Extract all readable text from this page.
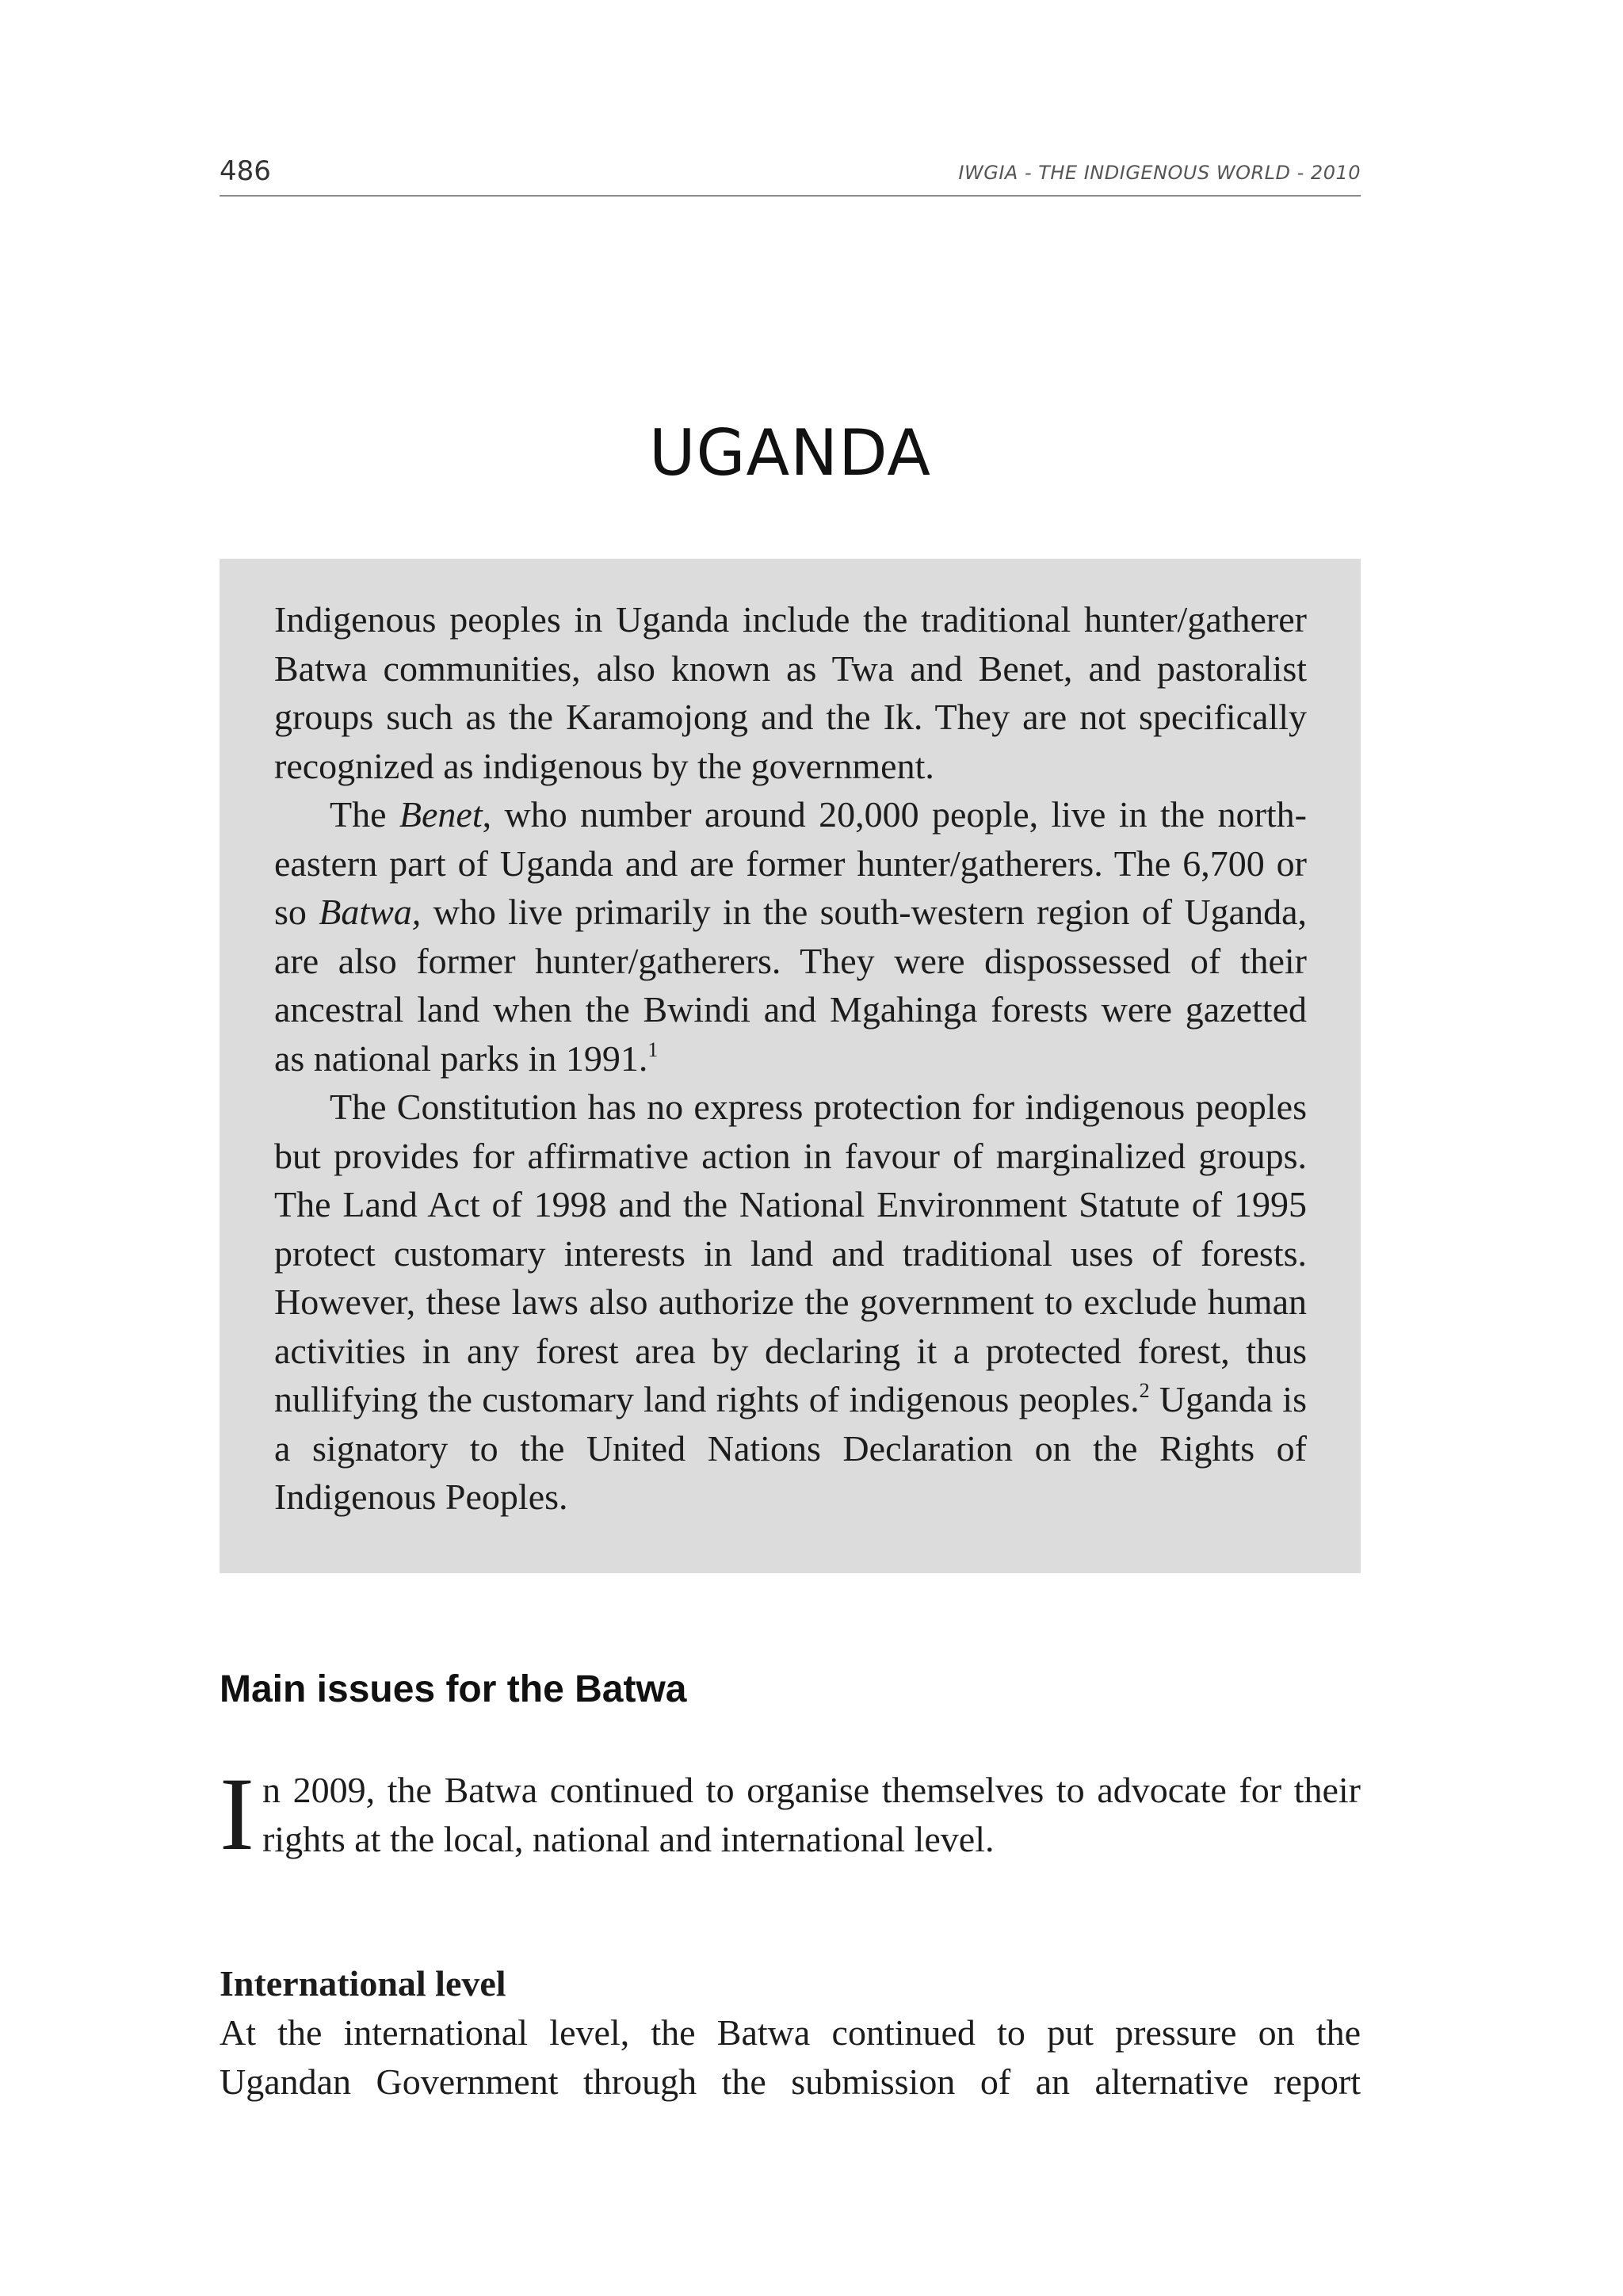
486	IWGIA - THE INDIGENOUS WORLD - 2010
UGANDA

Indigenous peoples in Uganda include the traditional hunter/gatherer Batwa communities, also known as Twa and Benet, and pastoralist groups such as the Karamojong and the Ik. They are not specifically recognized as indigenous by the government.

The Benet, who number around 20,000 people, live in the north-eastern part of Uganda and are former hunter/gatherers. The 6,700 or so Batwa, who live primarily in the south-western region of Uganda, are also former hunter/gatherers. They were dispossessed of their ancestral land when the Bwindi and Mgahinga forests were gazetted as national parks in 1991.$^1$

The Constitution has no express protection for indigenous peoples but provides for affirmative action in favour of marginalized groups. The Land Act of 1998 and the National Environment Statute of 1995 protect customary interests in land and traditional uses of forests. However, these laws also authorize the government to exclude human activities in any forest area by declaring it a protected forest, thus nullifying the customary land rights of indigenous peoples.$^2$ Uganda is a signatory to the United Nations Declaration on the Rights of Indigenous Peoples.

Main issues for the Batwa

In 2009, the Batwa continued to organise themselves to advocate for their rights at the local, national and international level.

International level

At the international level, the Batwa continued to put pressure on the Ugandan Government through the submission of an alternative report
